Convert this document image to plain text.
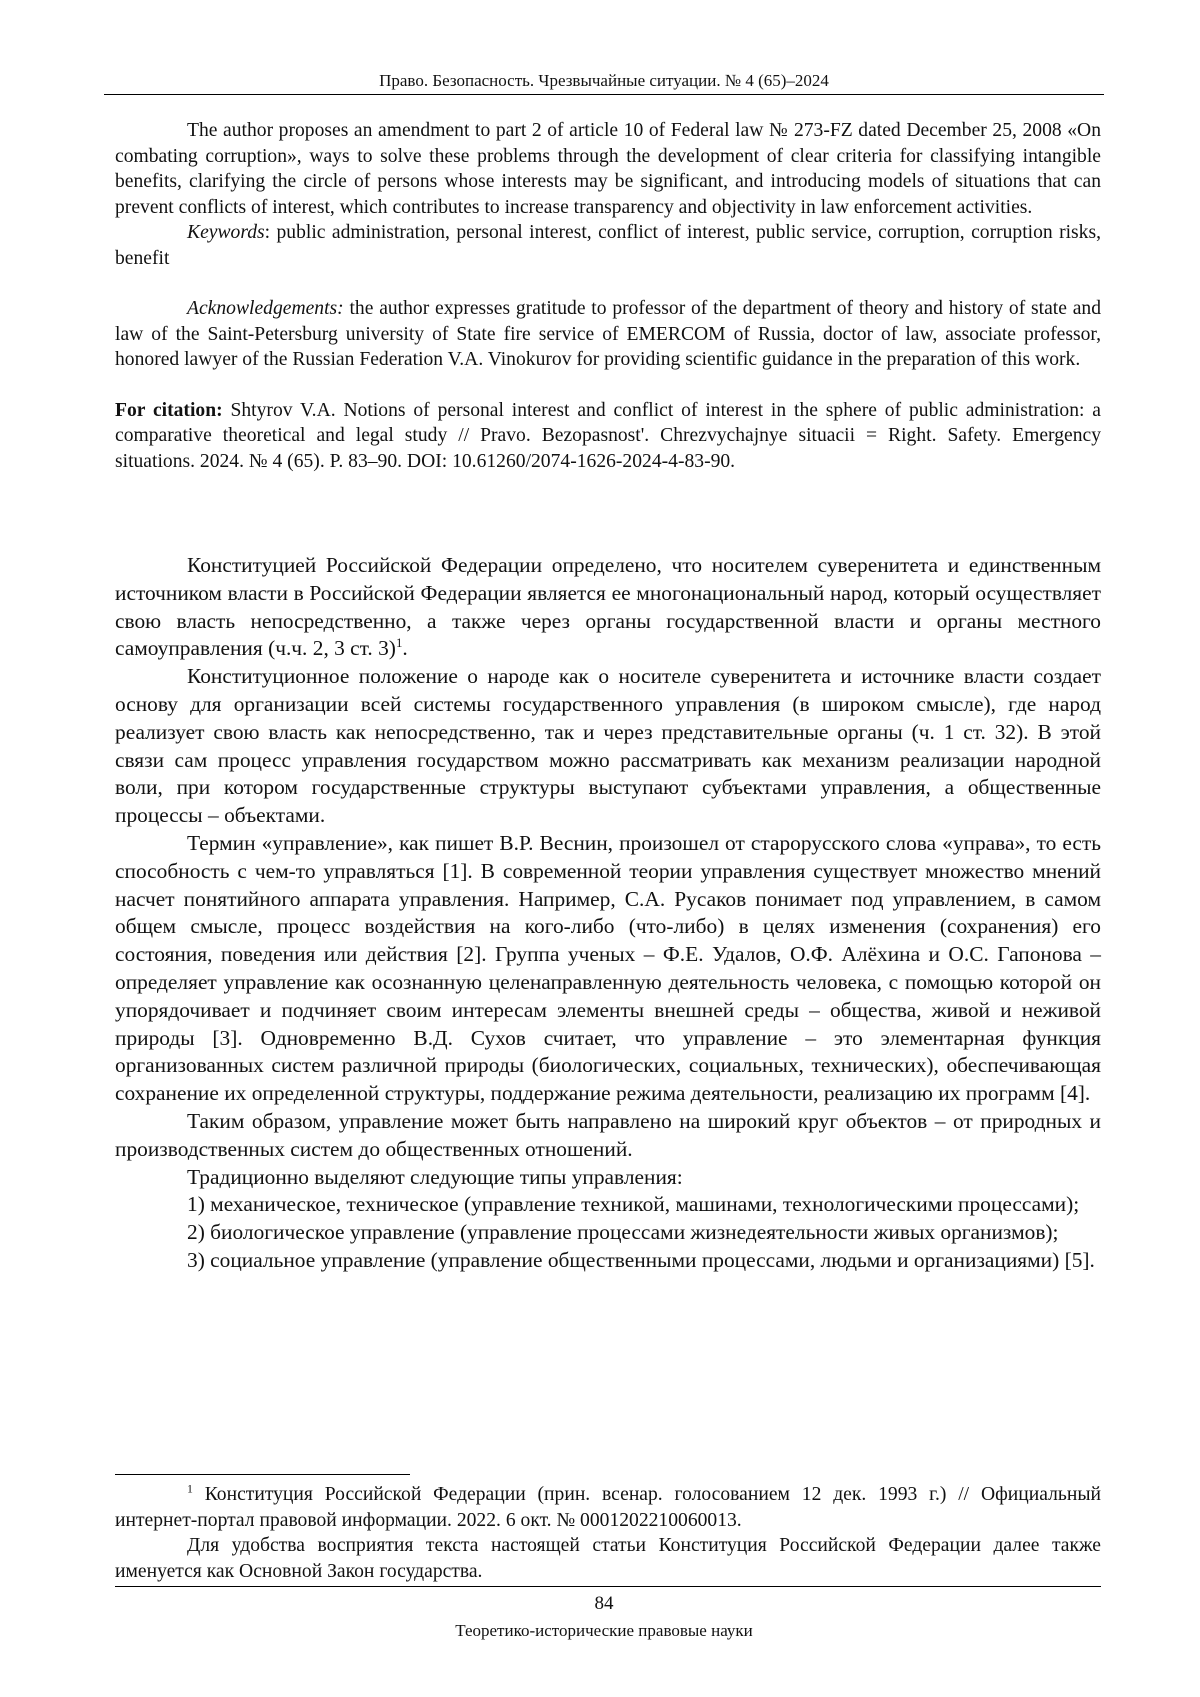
Право. Безопасность. Чрезвычайные ситуации. № 4 (65)–2024

The author proposes an amendment to part 2 of article 10 of Federal law № 273-FZ dated December 25, 2008 «On combating corruption», ways to solve these problems through the development of clear criteria for classifying intangible benefits, clarifying the circle of persons whose interests may be significant, and introducing models of situations that can prevent conflicts of interest, which contributes to increase transparency and objectivity in law enforcement activities.

Keywords: public administration, personal interest, conflict of interest, public service, corruption, corruption risks, benefit

Acknowledgements: the author expresses gratitude to professor of the department of theory and history of state and law of the Saint-Petersburg university of State fire service of EMERCOM of Russia, doctor of law, associate professor, honored lawyer of the Russian Federation V.A. Vinokurov for providing scientific guidance in the preparation of this work.

For citation: Shtyrov V.A. Notions of personal interest and conflict of interest in the sphere of public administration: a comparative theoretical and legal study // Pravo. Bezopasnost'. Chrezvychajnye situacii = Right. Safety. Emergency situations. 2024. № 4 (65). P. 83–90. DOI: 10.61260/2074-1626-2024-4-83-90.

Конституцией Российской Федерации определено, что носителем суверенитета и единственным источником власти в Российской Федерации является ее многонациональный народ, который осуществляет свою власть непосредственно, а также через органы государственной власти и органы местного самоуправления (ч.ч. 2, 3 ст. 3)$^1$.

Конституционное положение о народе как о носителе суверенитета и источнике власти создает основу для организации всей системы государственного управления (в широком смысле), где народ реализует свою власть как непосредственно, так и через представительные органы (ч. 1 ст. 32). В этой связи сам процесс управления государством можно рассматривать как механизм реализации народной воли, при котором государственные структуры выступают субъектами управления, а общественные процессы – объектами.

Термин «управление», как пишет В.Р. Веснин, произошел от старорусского слова «управа», то есть способность с чем-то управляться [1]. В современной теории управления существует множество мнений насчет понятийного аппарата управления. Например, С.А. Русаков понимает под управлением, в самом общем смысле, процесс воздействия на кого-либо (что-либо) в целях изменения (сохранения) его состояния, поведения или действия [2]. Группа ученых – Ф.Е. Удалов, О.Ф. Алёхина и О.С. Гапонова – определяет управление как осознанную целенаправленную деятельность человека, с помощью которой он упорядочивает и подчиняет своим интересам элементы внешней среды – общества, живой и неживой природы [3]. Одновременно В.Д. Сухов считает, что управление – это элементарная функция организованных систем различной природы (биологических, социальных, технических), обеспечивающая сохранение их определенной структуры, поддержание режима деятельности, реализацию их программ [4].

Таким образом, управление может быть направлено на широкий круг объектов – от природных и производственных систем до общественных отношений.

Традиционно выделяют следующие типы управления:

1) механическое, техническое (управление техникой, машинами, технологическими процессами);

2) биологическое управление (управление процессами жизнедеятельности живых организмов);

3) социальное управление (управление общественными процессами, людьми и организациями) [5].

$^1$ Конституция Российской Федерации (прин. всенар. голосованием 12 дек. 1993 г.) // Официальный интернет-портал правовой информации. 2022. 6 окт. № 0001202210060013.

Для удобства восприятия текста настоящей статьи Конституция Российской Федерации далее также именуется как Основной Закон государства.

84
Теоретико-исторические правовые науки
